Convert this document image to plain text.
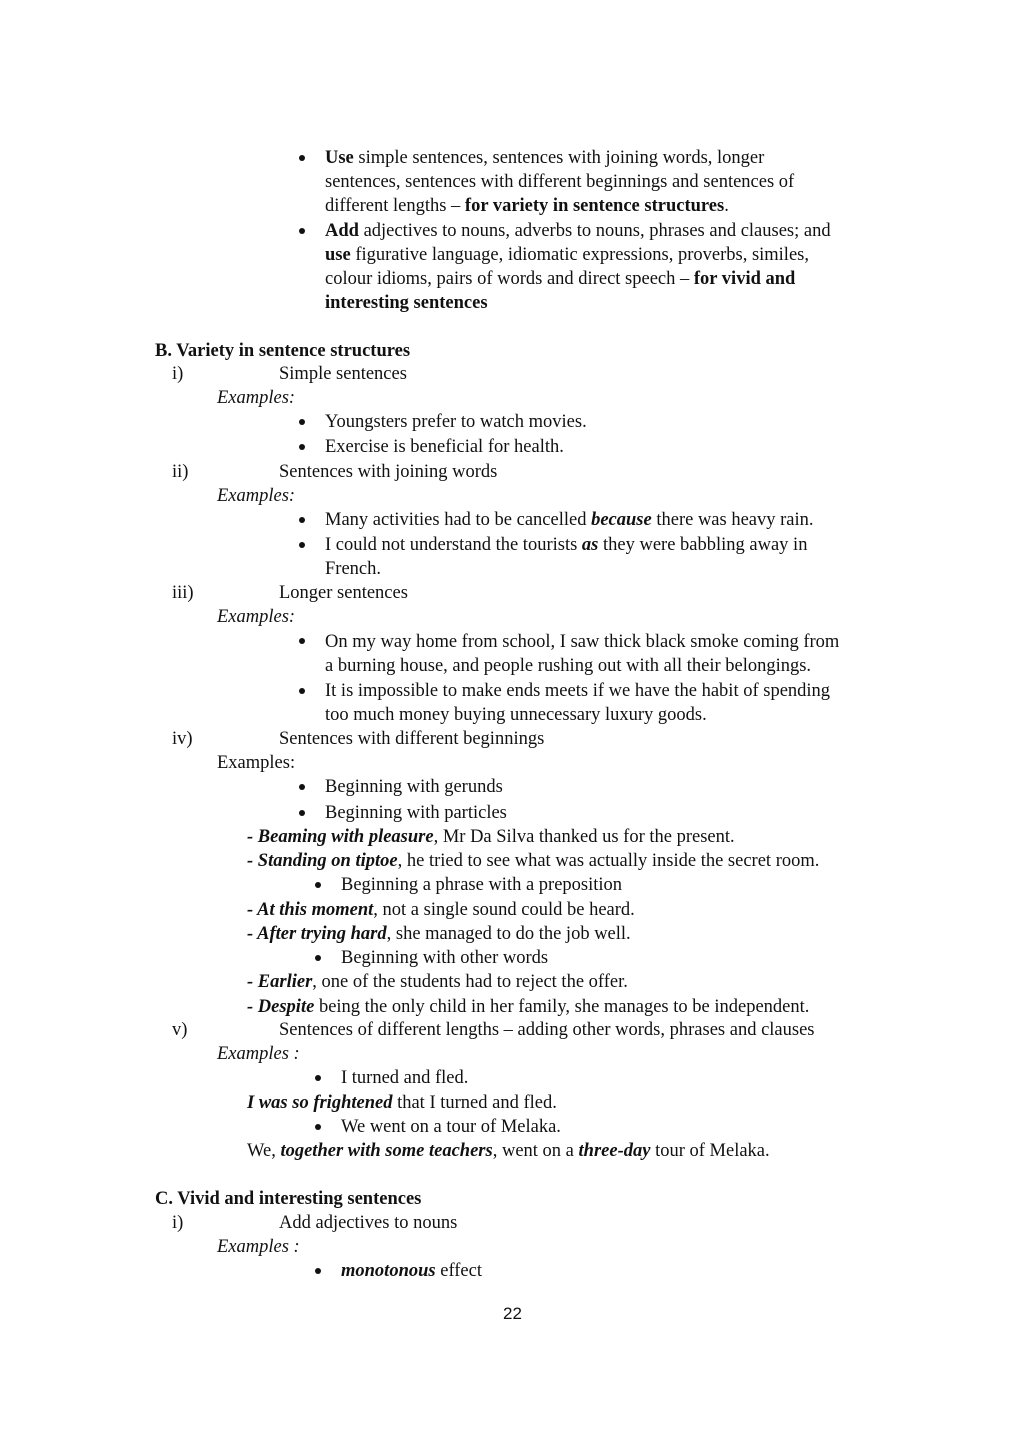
Use simple sentences, sentences with joining words, longer
sentences, sentences with different beginnings and sentences of
different lengths – for variety in sentence structures.
Add adjectives to nouns, adverbs to nouns, phrases and clauses; and
use figurative language, idiomatic expressions, proverbs, similes,
colour idioms, pairs of words and direct speech – for vivid and
interesting sentences
B. Variety in sentence structures
i)	Simple sentences
Examples:
Youngsters prefer to watch movies.
Exercise is beneficial for health.
ii)	Sentences with joining words
Examples:
Many activities had to be cancelled because there was heavy rain.
I could not understand the tourists as they were babbling away in
French.
iii)	Longer sentences
Examples:
On my way home from school, I saw thick black smoke coming from
a burning house, and people rushing out with all their belongings.
It is impossible to make ends meets if we have the habit of spending
too much money buying unnecessary luxury goods.
iv)	Sentences with different beginnings
Examples:
Beginning with gerunds
Beginning with particles
- Beaming with pleasure, Mr Da Silva thanked us for the present.
- Standing on tiptoe, he tried to see what was actually inside the secret room.
Beginning a phrase with a preposition
- At this moment, not a single sound could be heard.
- After trying hard, she managed to do the job well.
Beginning with other words
- Earlier, one of the students had to reject the offer.
- Despite being the only child in her family, she manages to be independent.
v)	Sentences of different lengths – adding other words, phrases and clauses
Examples :
I turned and fled.
I was so frightened that I turned and fled.
We went on a tour of Melaka.
We, together with some teachers, went on a three-day tour of Melaka.
C. Vivid and interesting sentences
i)	Add adjectives to nouns
Examples :
monotonous effect
22
